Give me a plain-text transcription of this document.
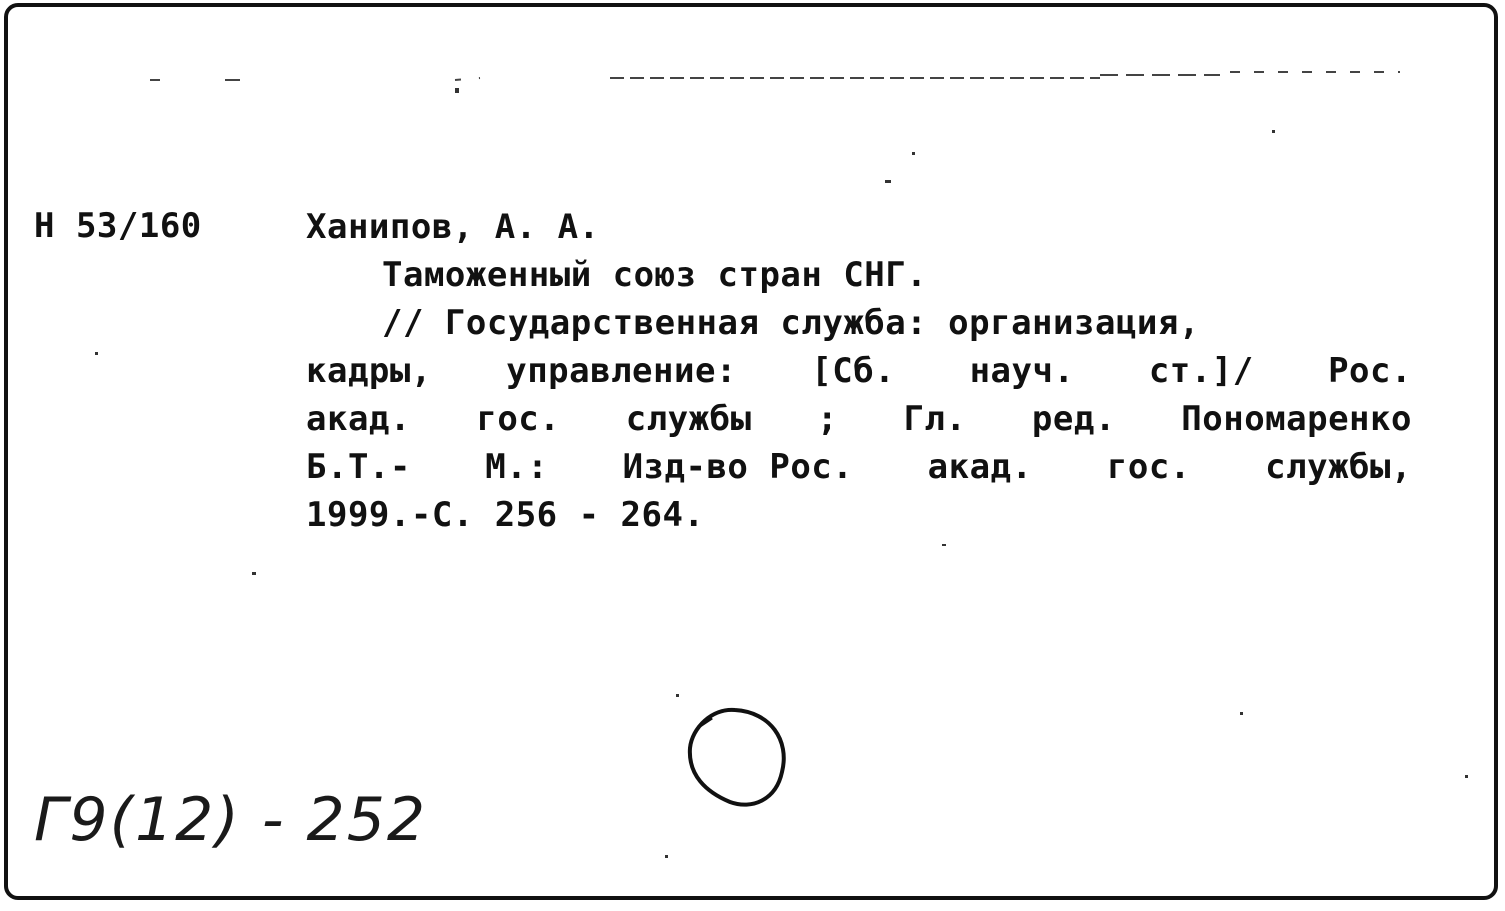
Н 53/160	Ханипов, А. А.
Таможенный союз стран СНГ.
// Государственная служба: организация,
кадры, управление: [Сб. науч. ст.]/ Рос.
акад. гос. службы ; Гл. ред. Пономаренко
Б.Т.- М.: Изд-во Рос. акад. гос. службы,
1999.-С. 256 - 264.
Г9(12) - 252
